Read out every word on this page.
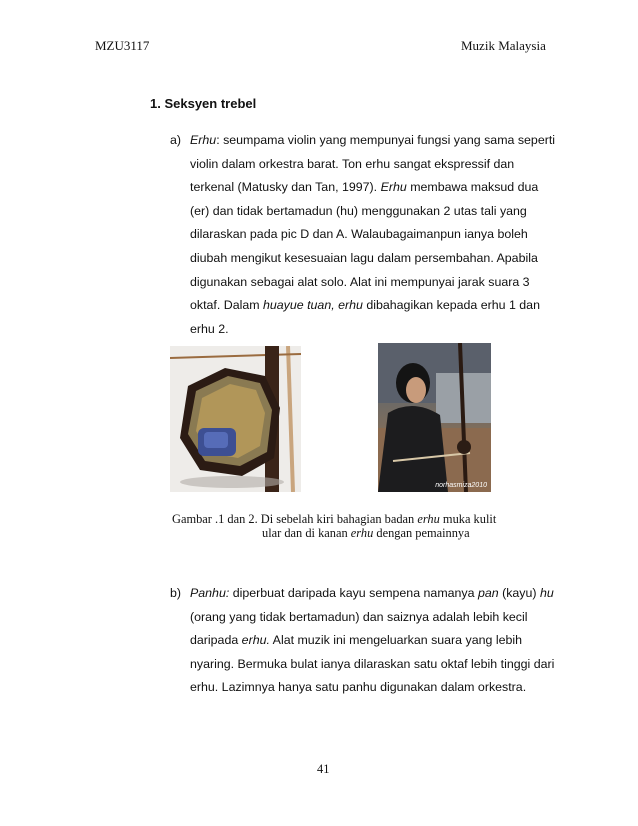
MZU3117	Muzik Malaysia
1. Seksyen trebel
a) Erhu: seumpama violin yang mempunyai fungsi yang sama seperti
violin dalam orkestra barat. Ton erhu sangat ekspressif dan
terkenal (Matusky dan Tan, 1997). Erhu membawa maksud dua
(er) dan tidak bertamadun (hu) menggunakan 2 utas tali yang
dilaraskan pada pic D dan A. Walaubagaimanpun ianya boleh
diubah mengikut kesesuaian lagu dalam persembahan. Apabila
digunakan sebagai alat solo. Alat ini mempunyai jarak suara 3
oktaf. Dalam huayue tuan, erhu dibahagikan kepada erhu 1 dan
erhu 2.
norhasmiza2010
Gambar .1 dan 2. Di sebelah kiri bahagian badan erhu muka kulit
ular dan di kanan erhu dengan pemainnya
b) Panhu: diperbuat daripada kayu sempena namanya pan (kayu) hu
(orang yang tidak bertamadun) dan saiznya adalah lebih kecil
daripada erhu. Alat muzik ini mengeluarkan suara yang lebih
nyaring. Bermuka bulat ianya dilaraskan satu oktaf lebih tinggi dari
erhu. Lazimnya hanya satu panhu digunakan dalam orkestra.
41
